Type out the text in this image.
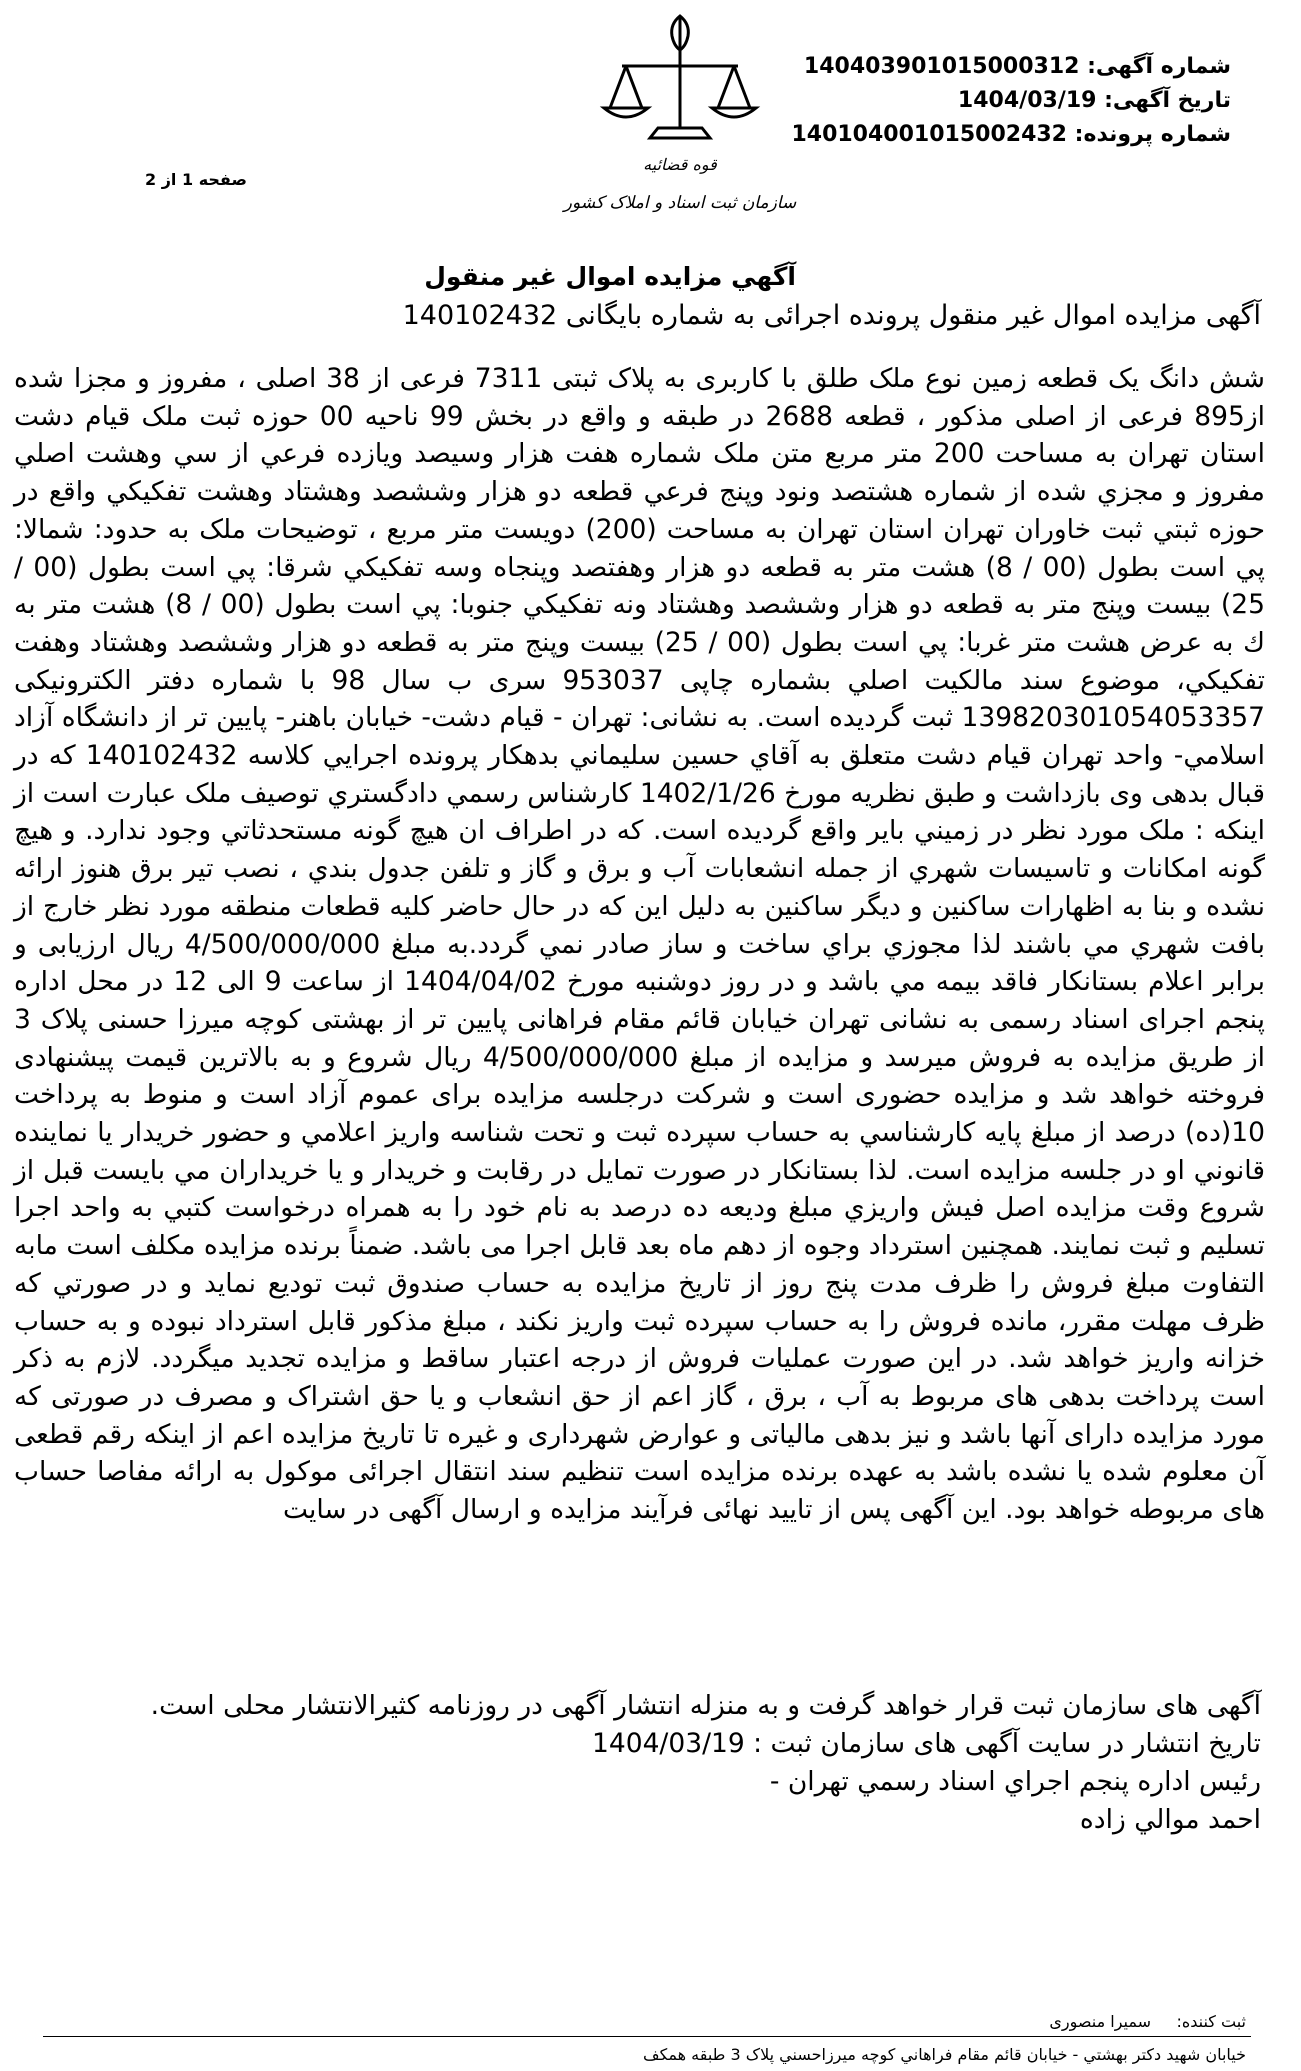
شماره آگهی: 140403901015000312
تاریخ آگهی: 1404/03/19
شماره پرونده: 140104001015002432
قوه قضائیه
سازمان ثبت اسناد و املاک کشور
صفحه 1 از 2
آگهي مزايده اموال غير منقول
آگهی مزایده اموال غیر منقول پرونده اجرائی به شماره بایگانی 140102432

شش دانگ یک قطعه زمین نوع ملک طلق با کاربری به پلاک ثبتی 7311 فرعی از 38 اصلی ، مفروز و مجزا شده از895 فرعی از اصلی مذکور ، قطعه 2688 در طبقه و واقع در بخش 99 ناحیه 00 حوزه ثبت ملک قیام دشت استان تهران به مساحت 200 متر مربع متن ملک شماره هفت هزار وسيصد ويازده فرعي از سي وهشت اصلي مفروز و مجزي شده از شماره هشتصد ونود وپنج فرعي قطعه دو هزار وششصد وهشتاد وهشت تفكيكي واقع در حوزه ثبتي ثبت خاوران تهران استان تهران به مساحت (200) دويست متر مربع ، توضيحات ملک به حدود: شمالا: پي است بطول (00 / 8) هشت متر به قطعه دو هزار وهفتصد وپنجاه وسه تفكيكي شرقا: پي است بطول (00 / 25) بيست وپنج متر به قطعه دو هزار وششصد وهشتاد ونه تفكيكي جنوبا: پي است بطول (00 / 8) هشت متر به ك به عرض هشت متر غربا: پي است بطول (00 / 25) بيست وپنج متر به قطعه دو هزار وششصد وهشتاد وهفت تفكيكي، موضوع سند مالكيت اصلي بشماره چاپی 953037 سری ب سال 98 با شماره دفتر الکترونیکی 139820301054053357 ثبت گردیده است. به نشانی: تهران - قيام دشت- خيابان باهنر- پايين تر از دانشگاه آزاد اسلامي- واحد تهران قيام دشت متعلق به آقاي حسين سليماني بدهكار پرونده اجرايي كلاسه 140102432 كه در قبال بدهی وی بازداشت و طبق نظريه مورخ 1402/1/26 كارشناس رسمي دادگستري توصيف ملک عبارت است از اينكه : ملک مورد نظر در زميني باير واقع گرديده است. كه در اطراف ان هيچ گونه مستحدثاتي وجود ندارد. و هيچ گونه امكانات و تاسيسات شهري از جمله انشعابات آب و برق و گاز و تلفن جدول بندي ، نصب تير برق هنوز ارائه نشده و بنا به اظهارات ساكنين و ديگر ساكنين به دليل اين كه در حال حاضر كليه قطعات منطقه مورد نظر خارج از بافت شهري مي باشند لذا مجوزي براي ساخت و ساز صادر نمي گردد.به مبلغ 4/500/000/000 ريال ارزيابی و برابر اعلام بستانكار فاقد بيمه مي باشد و در روز دوشنبه مورخ 1404/04/02 از ساعت 9 الی 12 در محل اداره پنجم اجرای اسناد رسمی به نشانی تهران خیابان قائم مقام فراهانی پایین تر از بهشتی کوچه میرزا حسنی پلاک 3 از طريق مزايده به فروش ميرسد و مزایده از مبلغ 4/500/000/000 ريال شروع و به بالاترين قيمت پيشنهادی فروخته خواهد شد و مزايده حضوری است و شرکت درجلسه مزايده برای عموم آزاد است و منوط به پرداخت 10(ده) درصد از مبلغ پايه كارشناسي به حساب سپرده ثبت و تحت شناسه واريز اعلامي و حضور خريدار يا نماينده قانوني او در جلسه مزايده است. لذا بستانكار در صورت تمايل در رقابت و خريدار و يا خريداران مي بايست قبل از شروع وقت مزايده اصل فيش واريزي مبلغ وديعه ده درصد به نام خود را به همراه درخواست كتبي به واحد اجرا تسليم و ثبت نمايند. همچنين استرداد وجوه از دهم ماه بعد قابل اجرا می باشد. ضمناً برنده مزايده مكلف است مابه التفاوت مبلغ فروش را ظرف مدت پنج روز از تاريخ مزايده به حساب صندوق ثبت توديع نمايد و در صورتي كه ظرف مهلت مقرر، مانده فروش را به حساب سپرده ثبت واريز نكند ، مبلغ مذكور قابل استرداد نبوده و به حساب خزانه واريز خواهد شد. در اين صورت عمليات فروش از درجه اعتبار ساقط و مزايده تجديد ميگردد. لازم به ذكر است پرداخت بدهی های مربوط به آب ، برق ، گاز اعم از حق انشعاب و يا حق اشتراک و مصرف در صورتی كه مورد مزايده دارای آنها باشد و نيز بدهی مالياتی و عوارض شهرداری و غيره تا تاريخ مزايده اعم از اينكه رقم قطعی آن معلوم شده يا نشده باشد به عهده برنده مزايده است تنظيم سند انتقال اجرائی موكول به ارائه مفاصا حساب های مربوطه خواهد بود. اين آگهی پس از تاييد نهائی فرآيند مزايده و ارسال آگهی در سايت

آگهی های سازمان ثبت قرار خواهد گرفت و به منزله انتشار آگهی در روزنامه کثیرالانتشار محلی است.
تاریخ انتشار در سایت آگهی های سازمان ثبت : 1404/03/19
رئيس اداره پنجم اجراي اسناد رسمي تهران -
احمد موالي زاده
ثبت کننده:     سمیرا منصوری
خيابان شهيد دكتر بهشتي - خيابان قائم مقام فراهاني كوچه ميرزاحسني پلاک 3 طبقه همكف
